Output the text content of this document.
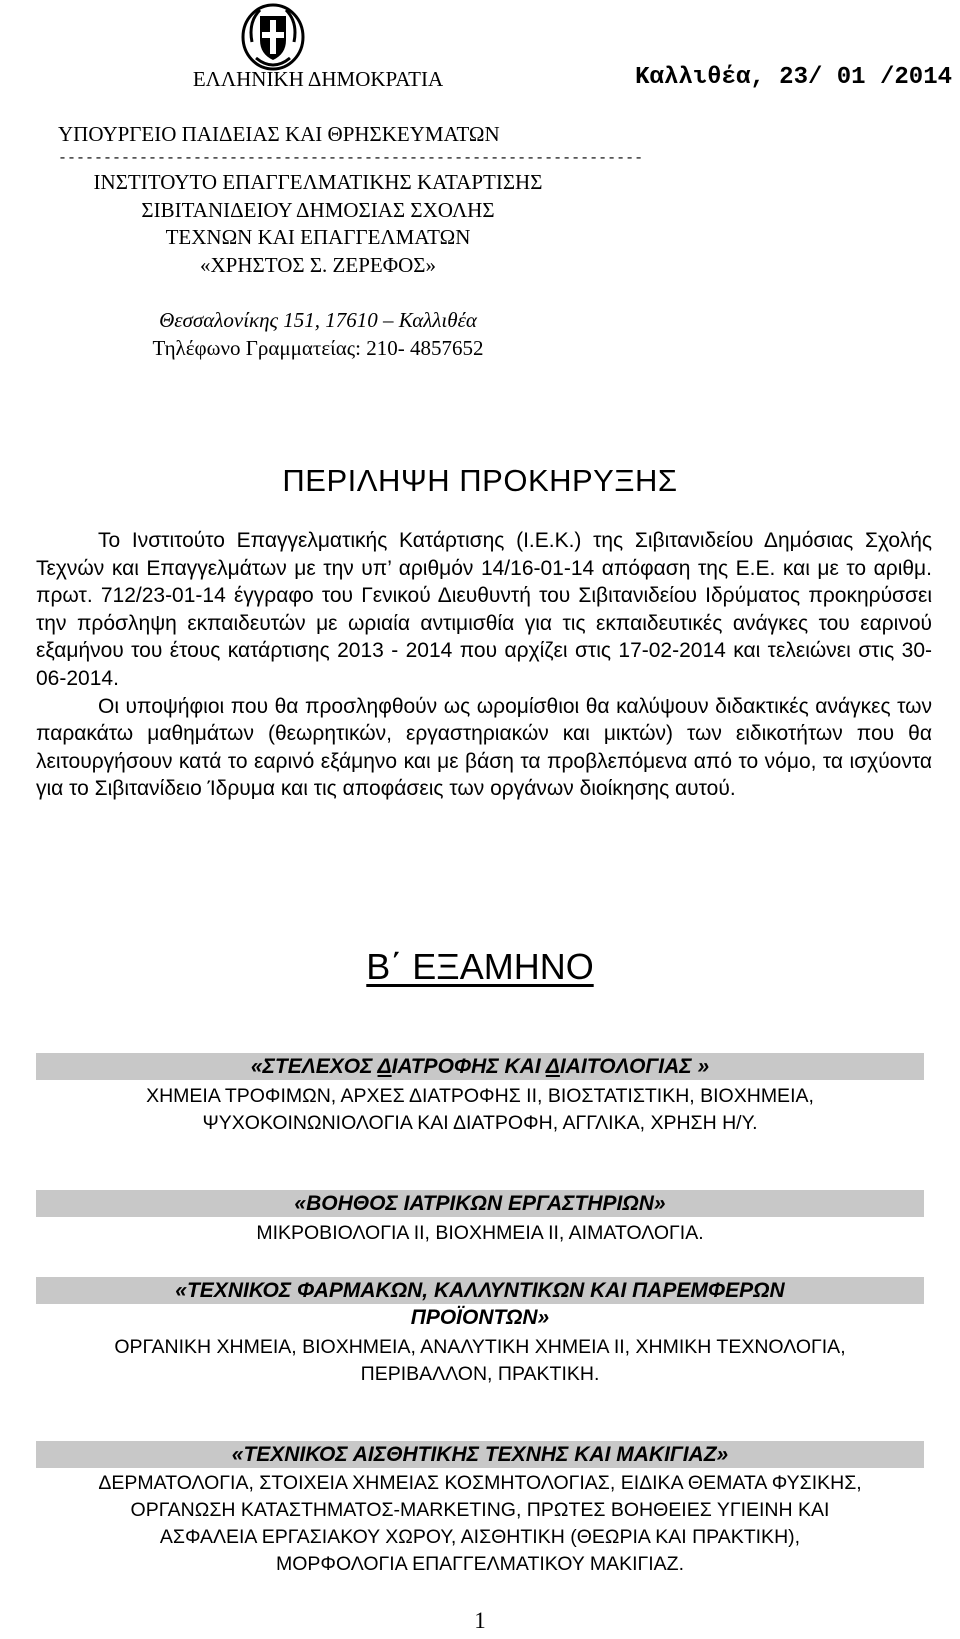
ΕΛΛΗΝΙΚΗ ΔΗΜΟΚΡΑΤΙΑ
ΥΠΟΥΡΓΕΙΟ ΠΑΙΔΕΙΑΣ ΚΑΙ ΘΡΗΣΚΕΥΜΑΤΩΝ
-----------------------------------------------------------------
ΙΝΣΤΙΤΟΥΤΟ ΕΠΑΓΓΕΛΜΑΤΙΚΗΣ ΚΑΤΑΡΤΙΣΗΣ
ΣΙΒΙΤΑΝΙΔΕΙΟΥ ΔΗΜΟΣΙΑΣ ΣΧΟΛΗΣ
ΤΕΧΝΩΝ ΚΑΙ ΕΠΑΓΓΕΛΜΑΤΩΝ
«ΧΡΗΣΤΟΣ Σ. ΖΕΡΕΦΟΣ»
Θεσσαλονίκης 151, 17610 – Καλλιθέα
Τηλέφωνο Γραμματείας: 210- 4857652
Καλλιθέα, 23/ 01 /2014
ΠΕΡΙΛΗΨΗ ΠΡΟΚΗΡΥΞΗΣ

Το Ινστιτούτο Επαγγελματικής Κατάρτισης (Ι.Ε.Κ.) της Σιβιτανιδείου Δημόσιας Σχολής Τεχνών και Επαγγελμάτων με την υπ’ αριθμόν 14/16-01-14 απόφαση της Ε.Ε. και με το αριθμ. πρωτ. 712/23-01-14 έγγραφο του Γενικού Διευθυντή του Σιβιτανιδείου Ιδρύματος προκηρύσσει την πρόσληψη εκπαιδευτών με ωριαία αντιμισθία για τις εκπαιδευτικές ανάγκες του εαρινού εξαμήνου του έτους κατάρτισης 2013 - 2014 που αρχίζει στις 17-02-2014 και τελειώνει στις 30-06-2014.

Οι υποψήφιοι που θα προσληφθούν ως ωρομίσθιοι θα καλύψουν διδακτικές ανάγκες των παρακάτω μαθημάτων (θεωρητικών, εργαστηριακών και μικτών) των ειδικοτήτων που θα λειτουργήσουν κατά το εαρινό εξάμηνο και με βάση τα προβλεπόμενα από το νόμο, τα ισχύοντα για το Σιβιτανίδειο Ίδρυμα και τις αποφάσεις των οργάνων διοίκησης αυτού.

Β΄ ΕΞΑΜΗΝΟ
«ΣΤΕΛΕΧΟΣ ΔΙΑΤΡΟΦΗΣ ΚΑΙ ΔΙΑΙΤΟΛΟΓΙΑΣ »
ΧΗΜΕΙΑ ΤΡΟΦΙΜΩΝ, ΑΡΧΕΣ ΔΙΑΤΡΟΦΗΣ ΙΙ, ΒΙΟΣΤΑΤΙΣΤΙΚΗ, ΒΙΟΧΗΜΕΙΑ,
ΨΥΧΟΚΟΙΝΩΝΙΟΛΟΓΙΑ ΚΑΙ ΔΙΑΤΡΟΦΗ, ΑΓΓΛΙΚΑ, ΧΡΗΣΗ Η/Υ.
«ΒΟΗΘΟΣ ΙΑΤΡΙΚΩΝ ΕΡΓΑΣΤΗΡΙΩΝ»
ΜΙΚΡΟΒΙΟΛΟΓΙΑ ΙΙ, ΒΙΟΧΗΜΕΙΑ ΙΙ, ΑΙΜΑΤΟΛΟΓΙΑ.
«ΤΕΧΝΙΚΟΣ ΦΑΡΜΑΚΩΝ, ΚΑΛΛΥΝΤΙΚΩΝ ΚΑΙ ΠΑΡΕΜΦΕΡΩΝ
ΠΡΟΪΟΝΤΩΝ»
ΟΡΓΑΝΙΚΗ ΧΗΜΕΙΑ, ΒΙΟΧΗΜΕΙΑ, ΑΝΑΛΥΤΙΚΗ ΧΗΜΕΙΑ ΙΙ, ΧΗΜΙΚΗ ΤΕΧΝΟΛΟΓΙΑ,
ΠΕΡΙΒΑΛΛΟΝ, ΠΡΑΚΤΙΚΗ.
«ΤΕΧΝΙΚΟΣ ΑΙΣΘΗΤΙΚΗΣ ΤΕΧΝΗΣ ΚΑΙ ΜΑΚΙΓΙΑΖ»
ΔΕΡΜΑΤΟΛΟΓΙΑ, ΣΤΟΙΧΕΙΑ ΧΗΜΕΙΑΣ ΚΟΣΜΗΤΟΛΟΓΙΑΣ, ΕΙΔΙΚΑ ΘΕΜΑΤΑ ΦΥΣΙΚΗΣ,
ΟΡΓΑΝΩΣΗ ΚΑΤΑΣΤΗΜΑΤΟΣ-MARKETING, ΠΡΩΤΕΣ ΒΟΗΘΕΙΕΣ ΥΓΙΕΙΝΗ ΚΑΙ
ΑΣΦΑΛΕΙΑ ΕΡΓΑΣΙΑΚΟΥ ΧΩΡΟΥ, ΑΙΣΘΗΤΙΚΗ (ΘΕΩΡΙΑ ΚΑΙ ΠΡΑΚΤΙΚΗ),
ΜΟΡΦΟΛΟΓΙΑ ΕΠΑΓΓΕΛΜΑΤΙΚΟΥ ΜΑΚΙΓΙΑΖ.
1
